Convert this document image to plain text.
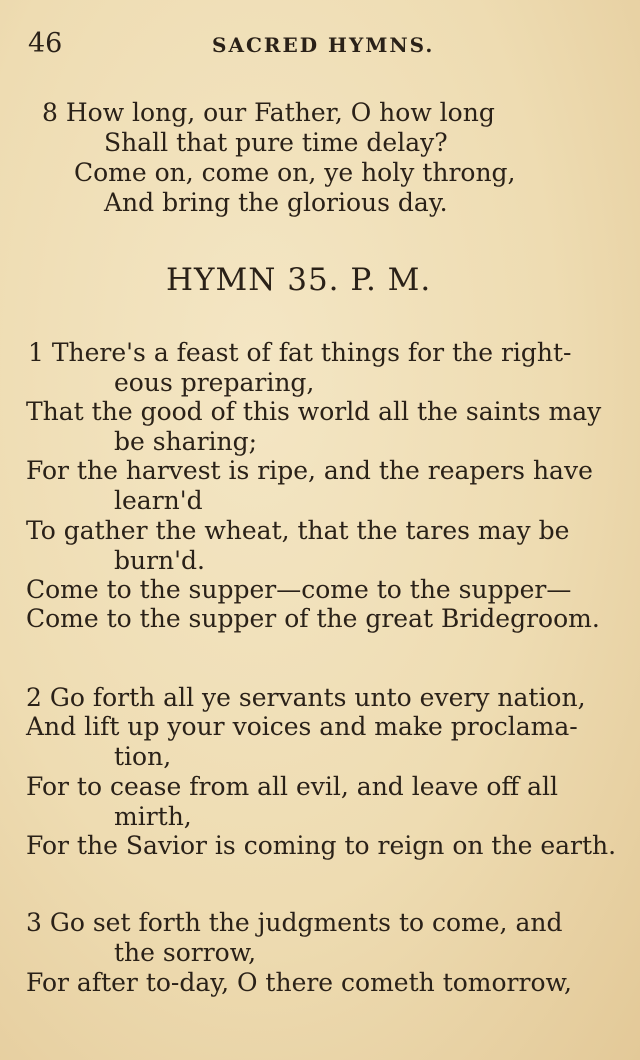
46	SACRED HYMNS.
8 How long, our Father, O how long
Shall that pure time delay?
Come on, come on, ye holy throng,
And bring the glorious day.
HYMN 35. P. M.
1 There's a feast of fat things for the right-
eous preparing,
That the good of this world all the saints may
be sharing;
For the harvest is ripe, and the reapers have
learn'd
To gather the wheat, that the tares may be
burn'd.
Come to the supper—come to the supper—
Come to the supper of the great Bridegroom.
2 Go forth all ye servants unto every nation,
And lift up your voices and make proclama-
tion,
For to cease from all evil, and leave off all
mirth,
For the Savior is coming to reign on the earth.
3 Go set forth the judgments to come, and
the sorrow,
For after to-day, O there cometh tomorrow,
